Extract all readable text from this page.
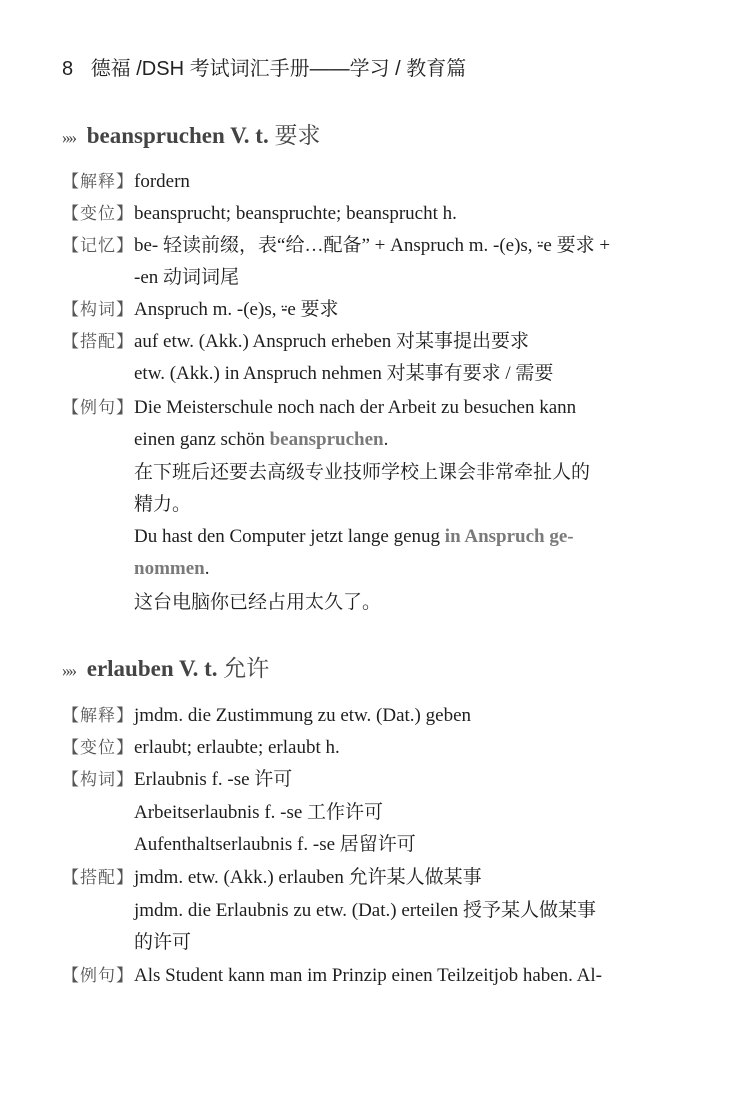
8 德福 /DSH 考试词汇手册——学习 / 教育篇
»» beanspruchen V. t. 要求
【解释】fordern
【变位】beansprucht; beanspruchte; beansprucht h.
【记忆】be- 轻读前缀，表“给…配备” + Anspruch m. -(e)s, ⸚e 要求 +
-en 动词词尾
【构词】Anspruch m. -(e)s, ⸚e 要求
【搭配】auf etw. (Akk.) Anspruch erheben 对某事提出要求
etw. (Akk.) in Anspruch nehmen 对某事有要求 / 需要
【例句】Die Meisterschule noch nach der Arbeit zu besuchen kann
einen ganz schön beanspruchen.
在下班后还要去高级专业技师学校上课会非常牵扯人的
精力。
Du hast den Computer jetzt lange genug in Anspruch ge-
nommen.
这台电脑你已经占用太久了。
»» erlauben V. t. 允许
【解释】jmdm. die Zustimmung zu etw. (Dat.) geben
【变位】erlaubt; erlaubte; erlaubt h.
【构词】Erlaubnis f. -se 许可
Arbeitserlaubnis f. -se 工作许可
Aufenthaltserlaubnis f. -se 居留许可
【搭配】jmdm. etw. (Akk.) erlauben 允许某人做某事
jmdm. die Erlaubnis zu etw. (Dat.) erteilen 授予某人做某事
的许可
【例句】Als Student kann man im Prinzip einen Teilzeitjob haben. Al-
